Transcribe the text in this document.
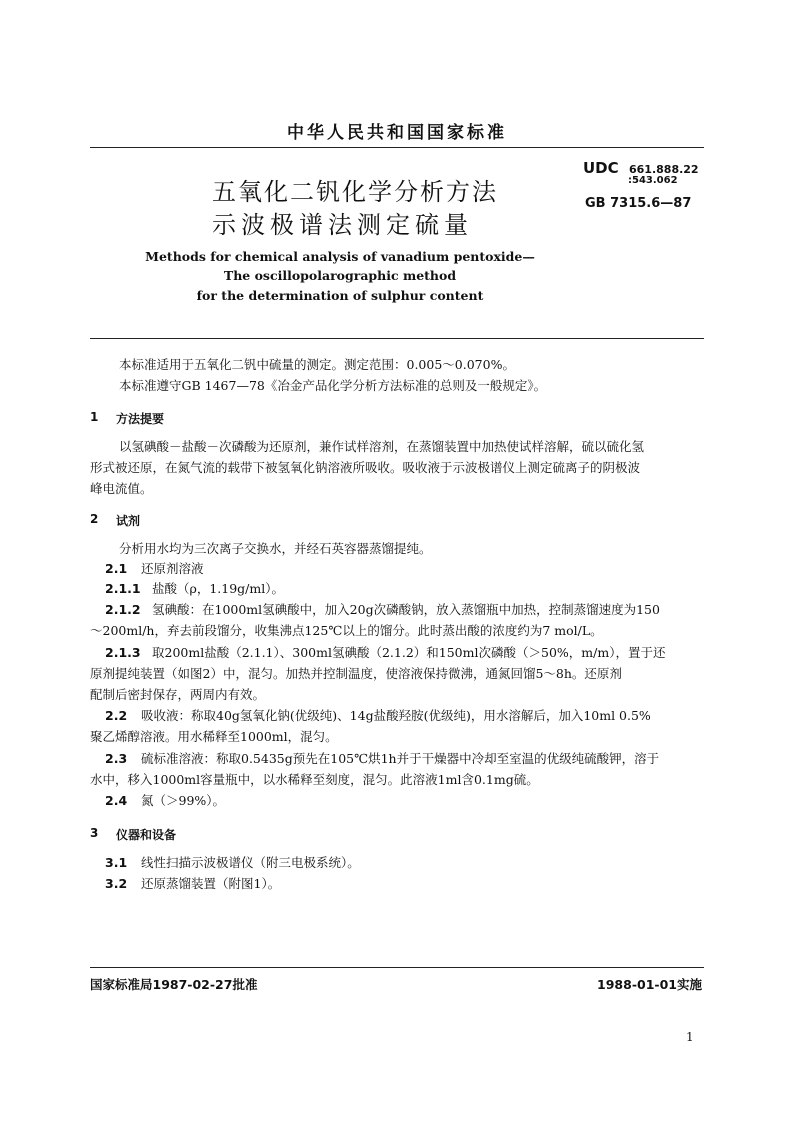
中华人民共和国国家标准
五氧化二钒化学分析方法
示波极谱法测定硫量
UDC 661.888.22
:543.062
GB 7315.6—87
Methods for chemical analysis of vanadium pentoxide—
The oscillopolarographic method
for the determination of sulphur content
本标准适用于五氧化二钒中硫量的测定。测定范围：0.005～0.070%。
本标准遵守GB 1467—78《冶金产品化学分析方法标准的总则及一般规定》。
1 方法提要
以氢碘酸－盐酸－次磷酸为还原剂，兼作试样溶剂，在蒸馏装置中加热使试样溶解，硫以硫化氢
形式被还原，在氮气流的载带下被氢氧化钠溶液所吸收。吸收液于示波极谱仪上测定硫离子的阴极波
峰电流值。
2 试剂
分析用水均为三次离子交换水，并经石英容器蒸馏提纯。
2.1 还原剂溶液
2.1.1 盐酸（ρ，1.19g/ml）。
2.1.2 氢碘酸：在1000ml氢碘酸中，加入20g次磷酸钠，放入蒸馏瓶中加热，控制蒸馏速度为150
～200ml/h，弃去前段馏分，收集沸点125℃以上的馏分。此时蒸出酸的浓度约为7 mol/L。
2.1.3 取200ml盐酸（2.1.1）、300ml氢碘酸（2.1.2）和150ml次磷酸（＞50%，m/m），置于还
原剂提纯装置（如图2）中，混匀。加热并控制温度，使溶液保持微沸，通氮回馏5～8h。还原剂
配制后密封保存，两周内有效。
2.2 吸收液：称取40g氢氧化钠(优级纯)、14g盐酸羟胺(优级纯)，用水溶解后，加入10ml 0.5%
聚乙烯醇溶液。用水稀释至1000ml，混匀。
2.3 硫标准溶液：称取0.5435g预先在105℃烘1h并于干燥器中冷却至室温的优级纯硫酸钾，溶于
水中，移入1000ml容量瓶中，以水稀释至刻度，混匀。此溶液1ml含0.1mg硫。
2.4 氮（＞99%）。
3 仪器和设备
3.1 线性扫描示波极谱仪（附三电极系统）。
3.2 还原蒸馏装置（附图1）。
国家标准局1987-02-27批准	1988-01-01实施
1
